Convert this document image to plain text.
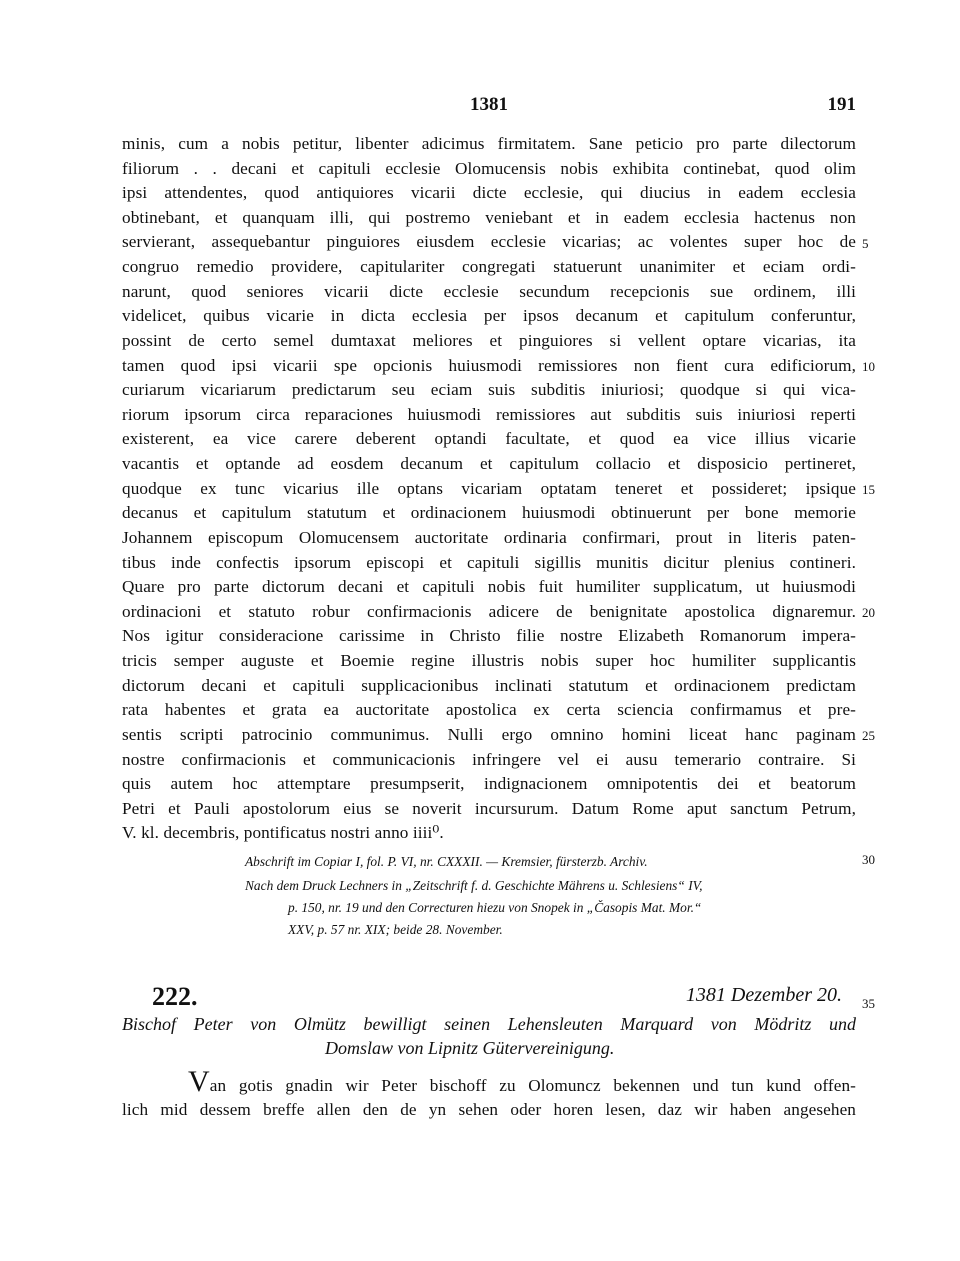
1381	191
minis, cum a nobis petitur, libenter adicimus firmitatem. Sane peticio pro parte dilectorum
filiorum . . decani et capituli ecclesie Olomucensis nobis exhibita continebat, quod olim
ipsi attendentes, quod antiquiores vicarii dicte ecclesie, qui diucius in eadem ecclesia
obtinebant, et quanquam illi, qui postremo veniebant et in eadem ecclesia hactenus non
servierant, assequebantur pinguiores eiusdem ecclesie vicarias; ac volentes super hoc de
congruo remedio providere, capitulariter congregati statuerunt unanimiter et eciam ordi-
narunt, quod seniores vicarii dicte ecclesie secundum recepcionis sue ordinem, illi
videlicet, quibus vicarie in dicta ecclesia per ipsos decanum et capitulum conferuntur,
possint de certo semel dumtaxat meliores et pinguiores si vellent optare vicarias, ita
tamen quod ipsi vicarii spe opcionis huiusmodi remissiores non fient cura edificiorum,
curiarum vicariarum predictarum seu eciam suis subditis iniuriosi; quodque si qui vica-
riorum ipsorum circa reparaciones huiusmodi remissiores aut subditis suis iniuriosi reperti
existerent, ea vice carere deberent optandi facultate, et quod ea vice illius vicarie
vacantis et optande ad eosdem decanum et capitulum collacio et disposicio pertineret,
quodque ex tunc vicarius ille optans vicariam optatam teneret et possideret; ipsique
decanus et capitulum statutum et ordinacionem huiusmodi obtinuerunt per bone memorie
Johannem episcopum Olomucensem auctoritate ordinaria confirmari, prout in literis paten-
tibus inde confectis ipsorum episcopi et capituli sigillis munitis dicitur plenius contineri.
Quare pro parte dictorum decani et capituli nobis fuit humiliter supplicatum, ut huiusmodi
ordinacioni et statuto robur confirmacionis adicere de benignitate apostolica dignaremur.
Nos igitur consideracione carissime in Christo filie nostre Elizabeth Romanorum impera-
tricis semper auguste et Boemie regine illustris nobis super hoc humiliter supplicantis
dictorum decani et capituli supplicacionibus inclinati statutum et ordinacionem predictam
rata habentes et grata ea auctoritate apostolica ex certa sciencia confirmamus et pre-
sentis scripti patrocinio communimus. Nulli ergo omnino homini liceat hanc paginam
nostre confirmacionis et communicacionis infringere vel ei ausu temerario contraire. Si
quis autem hoc attemptare presumpserit, indignacionem omnipotentis dei et beatorum
Petri et Pauli apostolorum eius se noverit incursurum. Datum Rome aput sanctum Petrum,
V. kl. decembris, pontificatus nostri anno iiii⁰.
5
10
15
20
25
30
35
Abschrift im Copiar I, fol. P. VI, nr. CXXXII. — Kremsier, fürsterzb. Archiv.
Nach dem Druck Lechners in „Zeitschrift f. d. Geschichte Mährens u. Schlesiens“ IV,
p. 150, nr. 19 und den Correcturen hiezu von Snopek in „Časopis Mat. Mor.“
XXV, p. 57 nr. XIX; beide 28. November.
222.	1381 Dezember 20.
Bischof Peter von Olmütz bewilligt seinen Lehensleuten Marquard von Mödritz und
Domslaw von Lipnitz Gütervereinigung.
Van gotis gnadin wir Peter bischoff zu Olomuncz bekennen und tun kund offen-
lich mid dessem breffe allen den de yn sehen oder horen lesen, daz wir haben angesehen
